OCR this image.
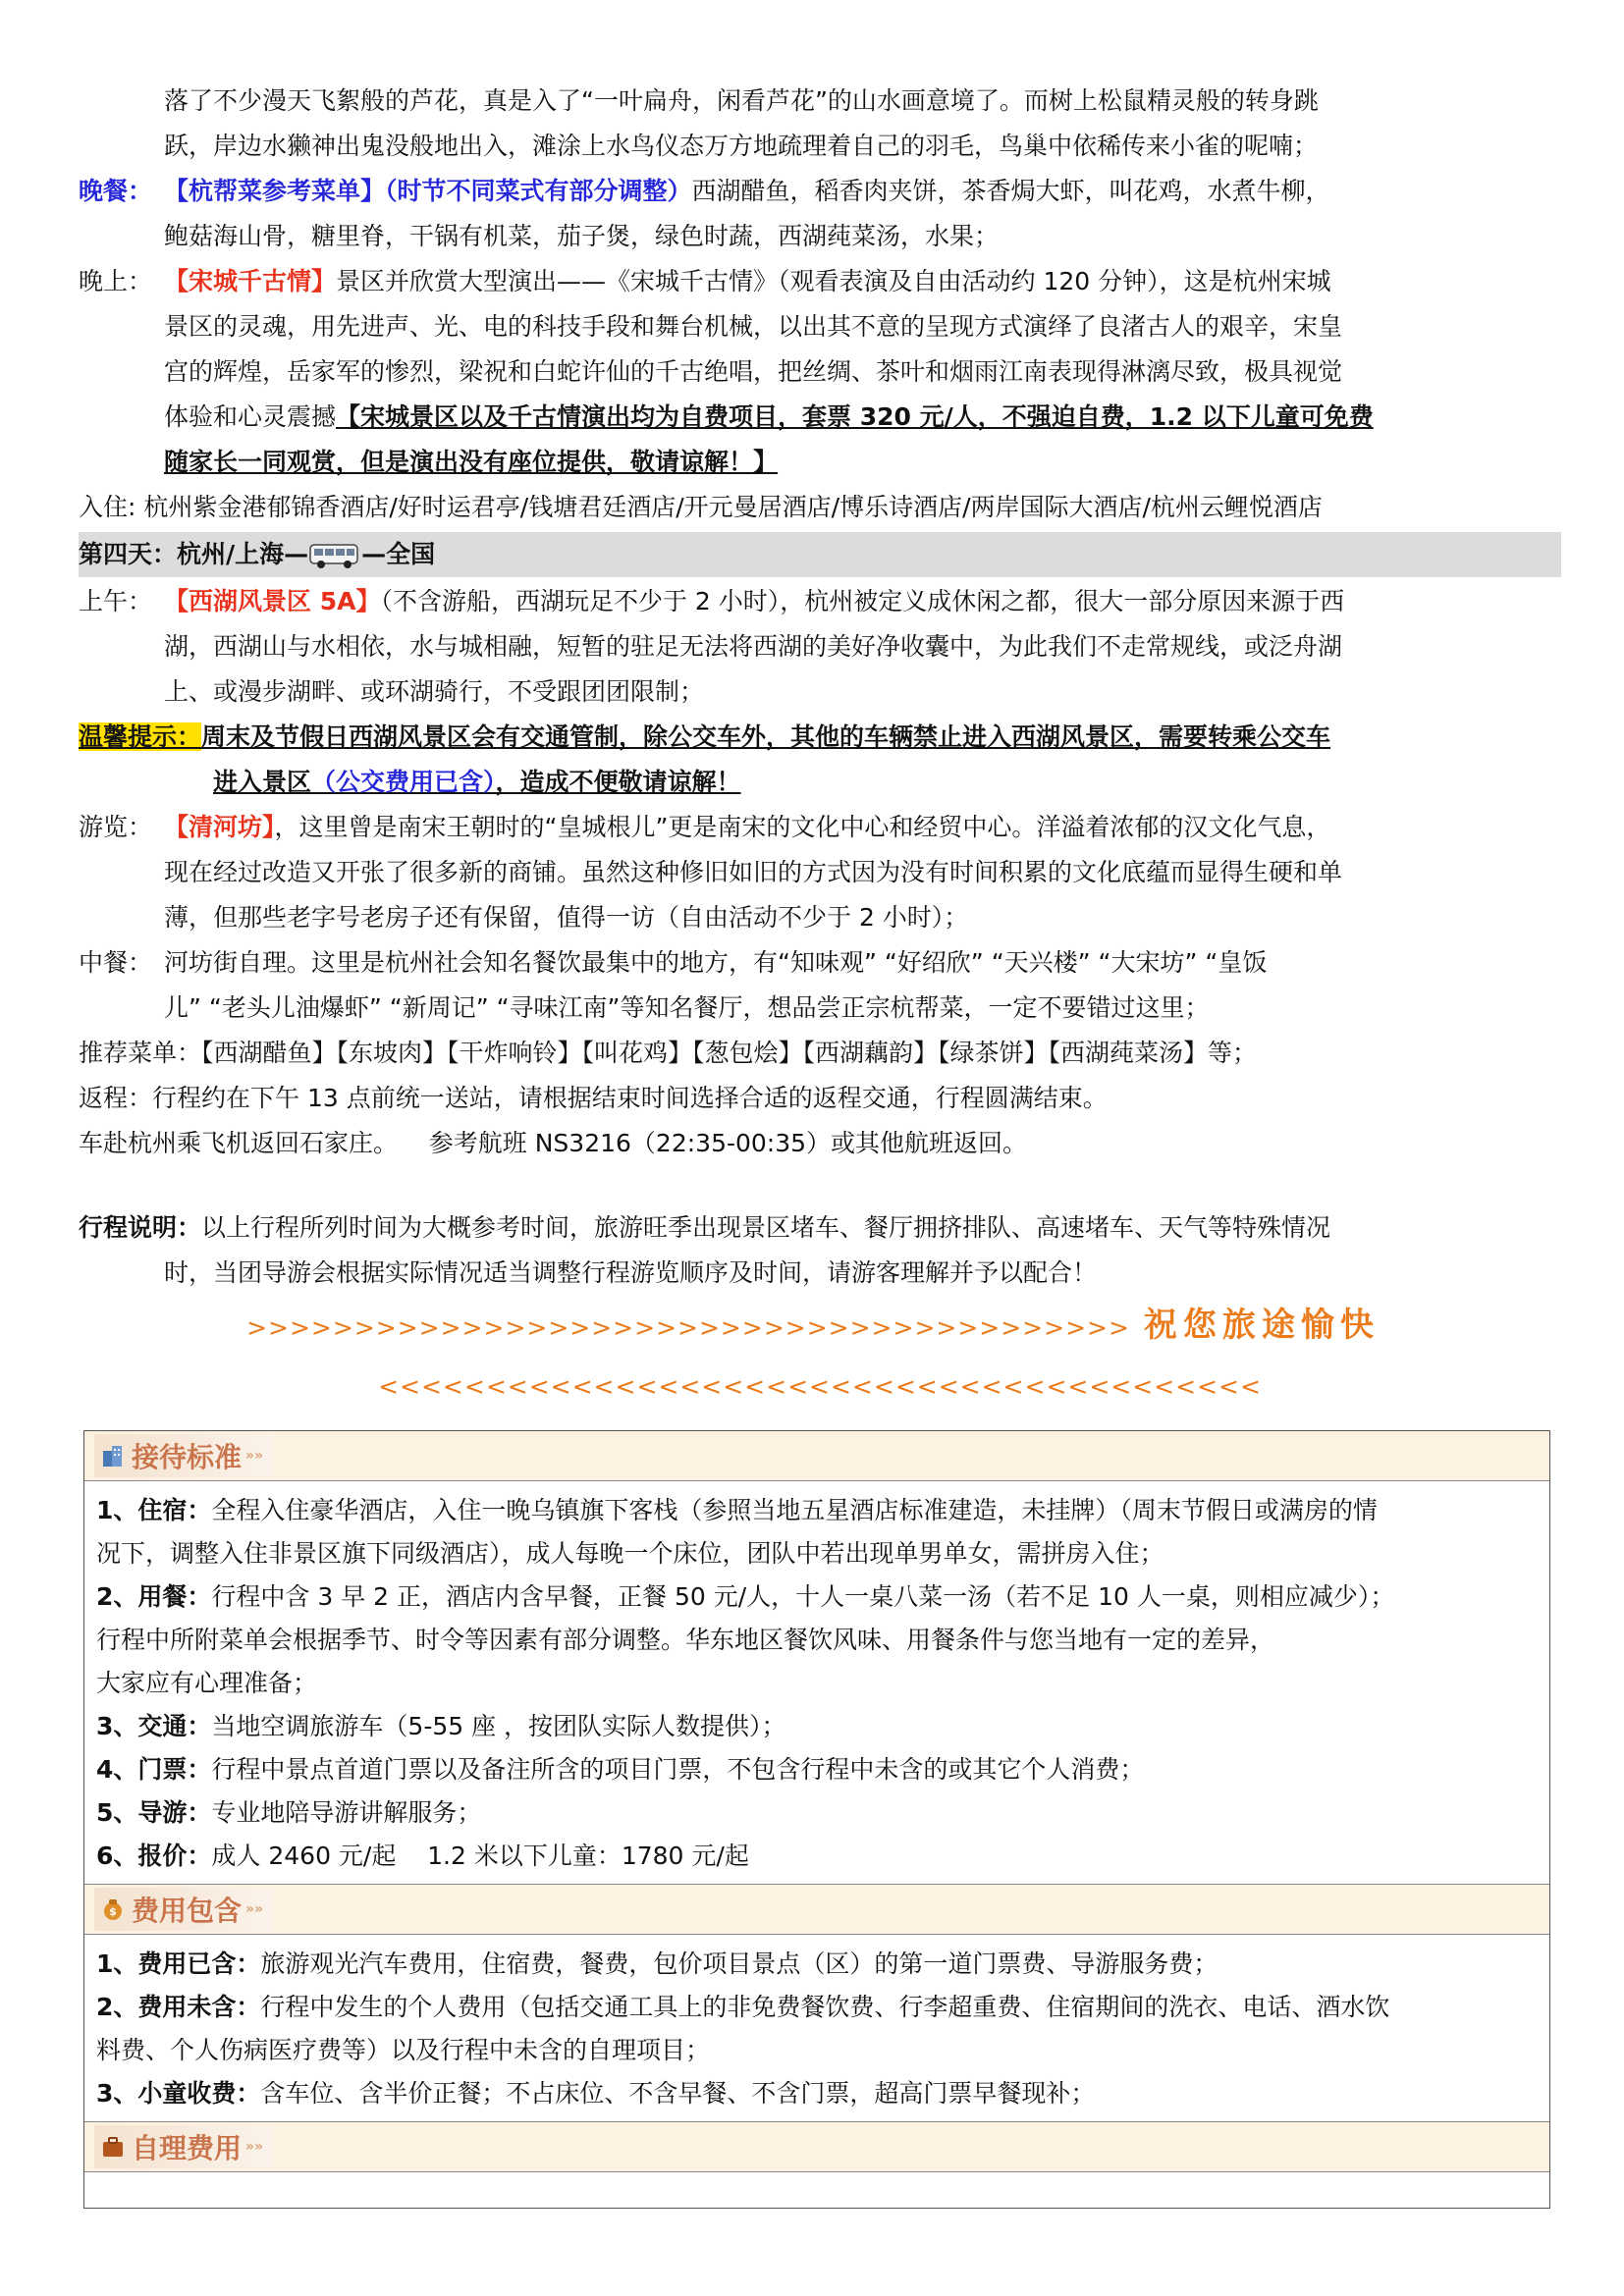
落了不少漫天飞絮般的芦花，真是入了“一叶扁舟，闲看芦花”的山水画意境了。而树上松鼠精灵般的转身跳
跃，岸边水獭神出鬼没般地出入，滩涂上水鸟仪态万方地疏理着自己的羽毛，鸟巢中依稀传来小雀的呢喃；
晚餐： 【杭帮菜参考菜单】（时节不同菜式有部分调整）西湖醋鱼，稻香肉夹饼，茶香焗大虾，叫花鸡，水煮牛柳，
鲍菇海山骨，糖里脊，干锅有机菜，茄子煲，绿色时蔬，西湖莼菜汤，水果；
晚上： 【宋城千古情】景区并欣赏大型演出——《宋城千古情》（观看表演及自由活动约 120 分钟），这是杭州宋城
景区的灵魂，用先进声、光、电的科技手段和舞台机械，以出其不意的呈现方式演绎了良渚古人的艰辛，宋皇
宫的辉煌，岳家军的惨烈，梁祝和白蛇许仙的千古绝唱，把丝绸、茶叶和烟雨江南表现得淋漓尽致，极具视觉
体验和心灵震撼【宋城景区以及千古情演出均为自费项目，套票 320 元/人，不强迫自费，1.2 以下儿童可免费
随家长一同观赏，但是演出没有座位提供，敬请谅解！】
入住: 杭州紫金港郁锦香酒店/好时运君亭/钱塘君廷酒店/开元曼居酒店/博乐诗酒店/两岸国际大酒店/杭州云鲤悦酒店
第四天：杭州/上海— —全国
上午： 【西湖风景区 5A】（不含游船，西湖玩足不少于 2 小时），杭州被定义成休闲之都，很大一部分原因来源于西
湖，西湖山与水相依，水与城相融，短暂的驻足无法将西湖的美好净收囊中，为此我们不走常规线，或泛舟湖
上、或漫步湖畔、或环湖骑行，不受跟团团限制；
温馨提示：周末及节假日西湖风景区会有交通管制，除公交车外，其他的车辆禁止进入西湖风景区，需要转乘公交车
进入景区（公交费用已含），造成不便敬请谅解！
游览： 【清河坊】，这里曾是南宋王朝时的“皇城根儿”更是南宋的文化中心和经贸中心。洋溢着浓郁的汉文化气息，
现在经过改造又开张了很多新的商铺。虽然这种修旧如旧的方式因为没有时间积累的文化底蕴而显得生硬和单
薄，但那些老字号老房子还有保留，值得一访（自由活动不少于 2 小时）；
中餐： 河坊街自理。这里是杭州社会知名餐饮最集中的地方，有“知味观” “好绍欣” “天兴楼” “大宋坊” “皇饭
儿” “老头儿油爆虾” “新周记” “寻味江南”等知名餐厅，想品尝正宗杭帮菜，一定不要错过这里；
推荐菜单：【西湖醋鱼】【东坡肉】【干炸响铃】【叫花鸡】【葱包烩】【西湖藕韵】【绿茶饼】【西湖莼菜汤】等；
返程：行程约在下午 13 点前统一送站，请根据结束时间选择合适的返程交通，行程圆满结束。
车赴杭州乘飞机返回石家庄。    参考航班 NS3216（22:35-00:35）或其他航班返回。
行程说明：以上行程所列时间为大概参考时间，旅游旺季出现景区堵车、餐厅拥挤排队、高速堵车、天气等特殊情况
时，当团导游会根据实际情况适当调整行程游览顺序及时间，请游客理解并予以配合！
>>>>>>>>>>>>>>>>>>>>>>>>>>>>>>>>>>>>>>>>> 祝您旅途愉快<<<<<<<<<<<<<<<<<<<<<<<<<<<<<<<<<<<<<<<<<
接待标准 »»
1、住宿：全程入住豪华酒店，入住一晚乌镇旗下客栈（参照当地五星酒店标准建造，未挂牌）（周末节假日或满房的情
况下，调整入住非景区旗下同级酒店），成人每晚一个床位，团队中若出现单男单女，需拼房入住；
2、用餐：行程中含 3 早 2 正，酒店内含早餐，正餐 50 元/人，十人一桌八菜一汤（若不足 10 人一桌，则相应减少）；
行程中所附菜单会根据季节、时令等因素有部分调整。华东地区餐饮风味、用餐条件与您当地有一定的差异，
大家应有心理准备；
3、交通：当地空调旅游车（5-55 座 ，按团队实际人数提供）；
4、门票：行程中景点首道门票以及备注所含的项目门票，不包含行程中未含的或其它个人消费；
5、导游：专业地陪导游讲解服务；
6、报价：成人 2460 元/起    1.2 米以下儿童：1780 元/起
$ 费用包含 »»
1、费用已含：旅游观光汽车费用，住宿费，餐费，包价项目景点（区）的第一道门票费、导游服务费；
2、费用未含：行程中发生的个人费用（包括交通工具上的非免费餐饮费、行李超重费、住宿期间的洗衣、电话、酒水饮
料费、个人伤病医疗费等）以及行程中未含的自理项目；
3、小童收费：含车位、含半价正餐；不占床位、不含早餐、不含门票，超高门票早餐现补；
自理费用 »»
